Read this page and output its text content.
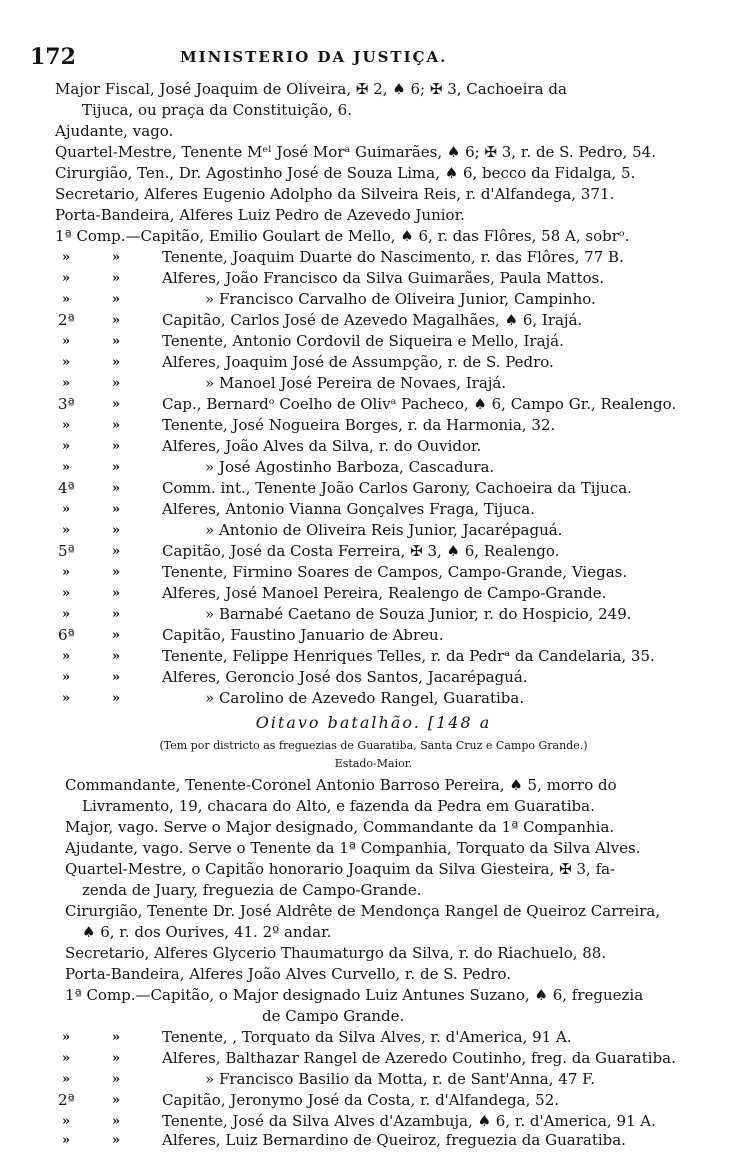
172	MINISTERIO DA JUSTIÇA.
Major Fiscal, José Joaquim de Oliveira, ✠ 2, ♠ 6; ✠ 3, Cachoeira da
Tijuca, ou praça da Constituição, 6.
Ajudante, vago.
Quartel-Mestre, Tenente Mᵉˡ José Morᵃ Guimarães, ♠ 6; ✠ 3, r. de S. Pedro, 54.
Cirurgião, Ten., Dr. Agostinho José de Souza Lima, ♠ 6, becco da Fidalga, 5.
Secretario, Alferes Eugenio Adolpho da Silveira Reis, r. d'Alfandega, 371.
Porta-Bandeira, Alferes Luiz Pedro de Azevedo Junior.
1ª Comp.—Capitão, Emilio Goulart de Mello, ♠ 6, r. das Flôres, 58 A, sobrᵒ.
»	»	Tenente, Joaquim Duarte do Nascimento, r. das Flôres, 77 B.
»	»	Alferes, João Francisco da Silva Guimarães, Paula Mattos.
»	»	» Francisco Carvalho de Oliveira Junior, Campinho.
2ª	»	Capitão, Carlos José de Azevedo Magalhães, ♠ 6, Irajá.
»	»	Tenente, Antonio Cordovil de Siqueira e Mello, Irajá.
»	»	Alferes, Joaquim José de Assumpção, r. de S. Pedro.
»	»	» Manoel José Pereira de Novaes, Irajá.
3ª	»	Cap., Bernardᵒ Coelho de Olivᵃ Pacheco, ♠ 6, Campo Gr., Realengo.
»	»	Tenente, José Nogueira Borges, r. da Harmonia, 32.
»	»	Alferes, João Alves da Silva, r. do Ouvidor.
»	»	» José Agostinho Barboza, Cascadura.
4ª	»	Comm. int., Tenente João Carlos Garony, Cachoeira da Tijuca.
»	»	Alferes, Antonio Vianna Gonçalves Fraga, Tijuca.
»	»	» Antonio de Oliveira Reis Junior, Jacarépaguá.
5ª	»	Capitão, José da Costa Ferreira, ✠ 3, ♠ 6, Realengo.
»	»	Tenente, Firmino Soares de Campos, Campo-Grande, Viegas.
»	»	Alferes, José Manoel Pereira, Realengo de Campo-Grande.
»	»	» Barnabé Caetano de Souza Junior, r. do Hospicio, 249.
6ª	»	Capitão, Faustino Januario de Abreu.
»	»	Tenente, Felippe Henriques Telles, r. da Pedrᵃ da Candelaria, 35.
»	»	Alferes, Geroncio José dos Santos, Jacarépaguá.
»	»	» Carolino de Azevedo Rangel, Guaratiba.
Oitavo batalhão. [148 a
(Tem por districto as freguezias de Guaratiba, Santa Cruz e Campo Grande.)
Estado-Maior.
Commandante, Tenente-Coronel Antonio Barroso Pereira, ♠ 5, morro do
Livramento, 19, chacara do Alto, e fazenda da Pedra em Guaratiba.
Major, vago. Serve o Major designado, Commandante da 1ª Companhia.
Ajudante, vago. Serve o Tenente da 1ª Companhia, Torquato da Silva Alves.
Quartel-Mestre, o Capitão honorario Joaquim da Silva Giesteira, ✠ 3, fa-
zenda de Juary, freguezia de Campo-Grande.
Cirurgião, Tenente Dr. José Aldrête de Mendonça Rangel de Queiroz Carreira,
♠ 6, r. dos Ourives, 41. 2º andar.
Secretario, Alferes Glycerio Thaumaturgo da Silva, r. do Riachuelo, 88.
Porta-Bandeira, Alferes João Alves Curvello, r. de S. Pedro.
1ª Comp.—Capitão, o Major designado Luiz Antunes Suzano, ♠ 6, freguezia
de Campo Grande.
»	»	Tenente, , Torquato da Silva Alves, r. d'America, 91 A.
»	»	Alferes, Balthazar Rangel de Azeredo Coutinho, freg. da Guaratiba.
»	»	» Francisco Basilio da Motta, r. de Sant'Anna, 47 F.
2ª	»	Capitão, Jeronymo José da Costa, r. d'Alfandega, 52.
»	»	Tenente, José da Silva Alves d'Azambuja, ♠ 6, r. d'America, 91 A.
»	»	Alferes, Luiz Bernardino de Queiroz, freguezia da Guaratiba.
